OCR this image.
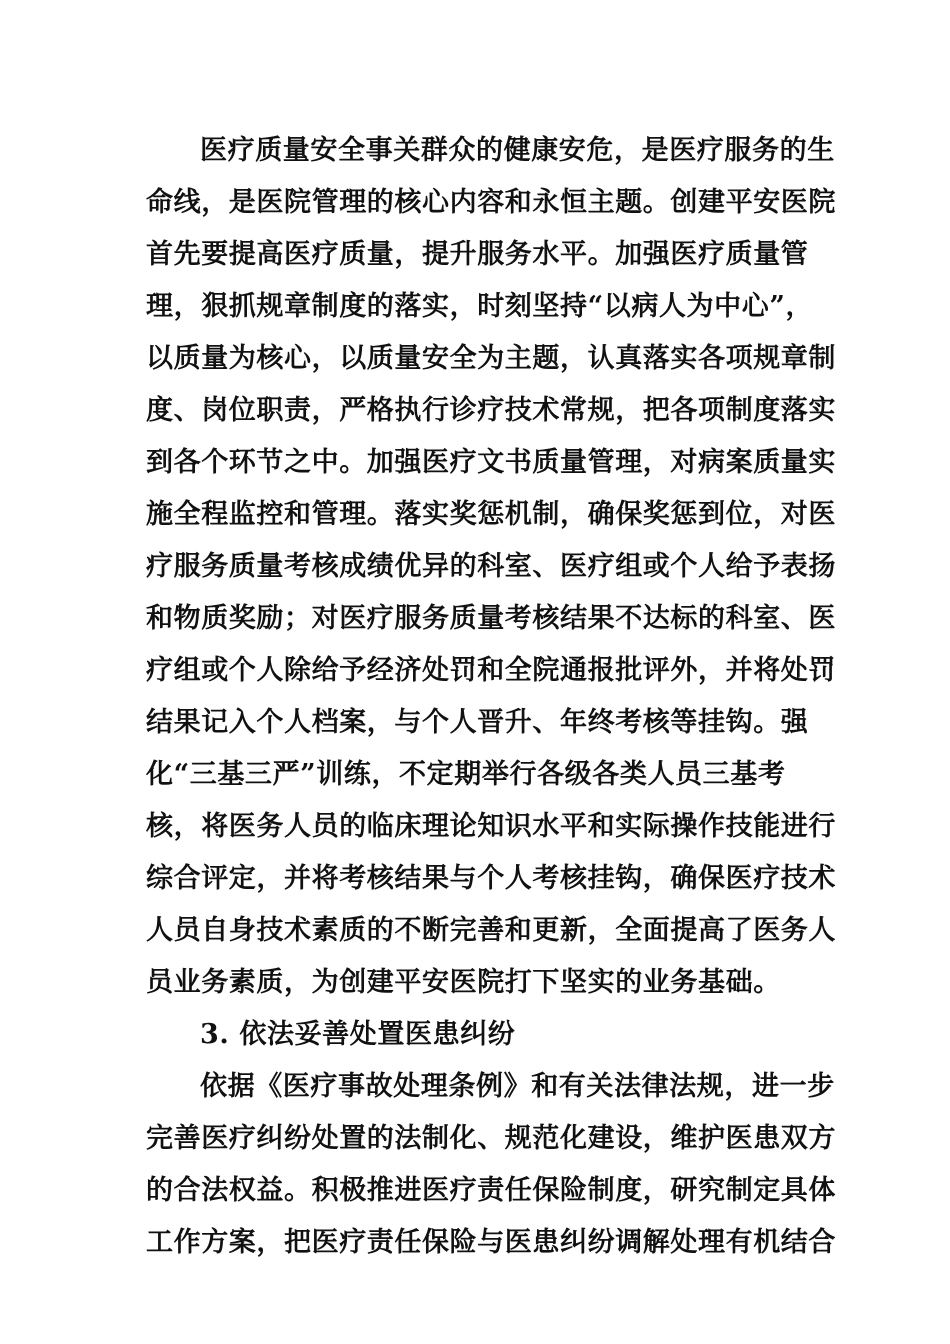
医疗质量安全事关群众的健康安危，是医疗服务的生
命线，是医院管理的核心内容和永恒主题。创建平安医院
首先要提高医疗质量，提升服务水平。加强医疗质量管
理，狠抓规章制度的落实，时刻坚持“以病人为中心”，
以质量为核心，以质量安全为主题，认真落实各项规章制
度、岗位职责，严格执行诊疗技术常规，把各项制度落实
到各个环节之中。加强医疗文书质量管理，对病案质量实
施全程监控和管理。落实奖惩机制，确保奖惩到位，对医
疗服务质量考核成绩优异的科室、医疗组或个人给予表扬
和物质奖励；对医疗服务质量考核结果不达标的科室、医
疗组或个人除给予经济处罚和全院通报批评外，并将处罚
结果记入个人档案，与个人晋升、年终考核等挂钩。强
化“三基三严”训练，不定期举行各级各类人员三基考
核，将医务人员的临床理论知识水平和实际操作技能进行
综合评定，并将考核结果与个人考核挂钩，确保医疗技术
人员自身技术素质的不断完善和更新，全面提高了医务人
员业务素质，为创建平安医院打下坚实的业务基础。
3. 依法妥善处置医患纠纷
依据《医疗事故处理条例》和有关法律法规，进一步
完善医疗纠纷处置的法制化、规范化建设，维护医患双方
的合法权益。积极推进医疗责任保险制度，研究制定具体
工作方案，把医疗责任保险与医患纠纷调解处理有机结合
